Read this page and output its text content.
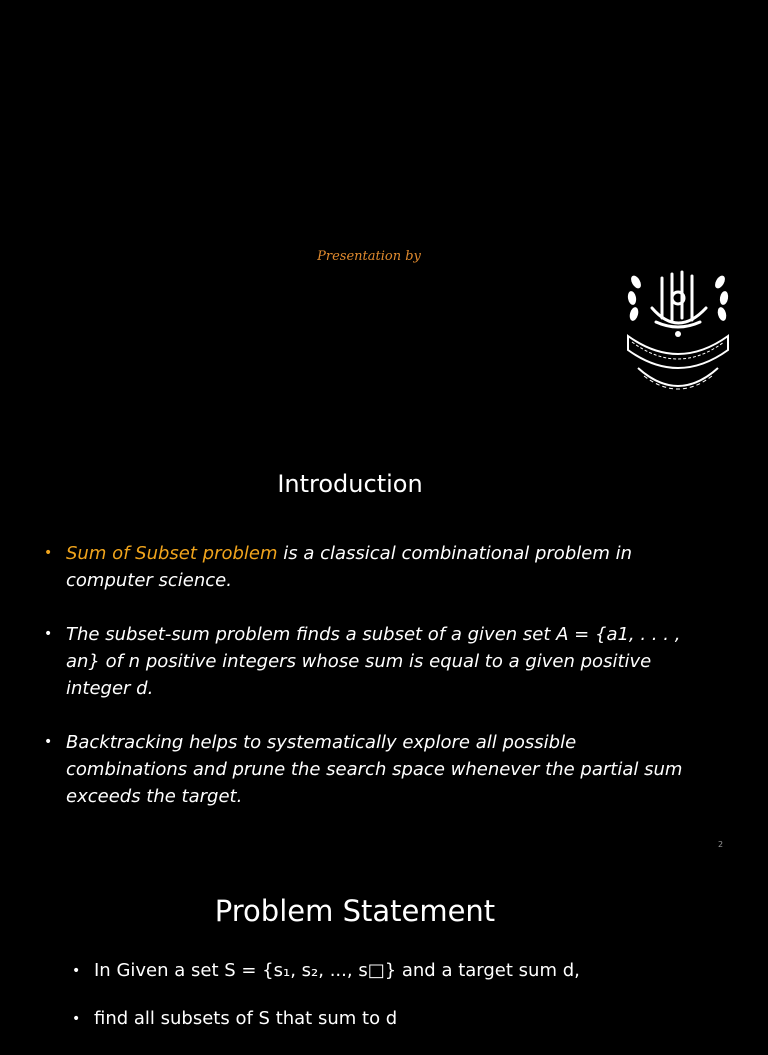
Presentation by
Introduction
• Sum of Subset problem is a classical combinational problem in computer science.
• The subset-sum problem finds a subset of a given set A = {a1, . . . , an} of n positive integers whose sum is equal to a given positive integer d.
• Backtracking helps to systematically explore all possible combinations and prune the search space whenever the partial sum exceeds the target.
2
Problem Statement
• In Given a set S = {s₁, s₂, ..., s□} and a target sum d,
• find all subsets of S that sum to d
